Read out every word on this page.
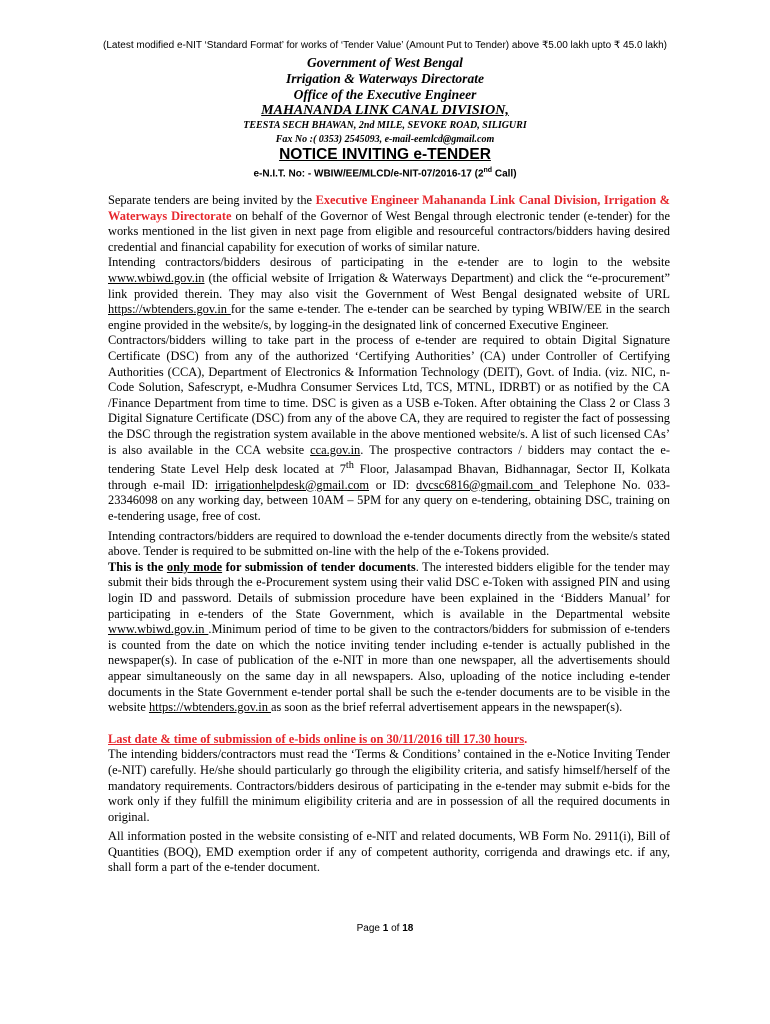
(Latest modified e-NIT ‘Standard Format’ for works of ‘Tender Value’ (Amount Put to Tender) above ₹5.00 lakh upto ₹ 45.0 lakh)
Government of West Bengal
Irrigation & Waterways Directorate
Office of the Executive Engineer
MAHANANDA LINK CANAL DIVISION,
TEESTA SECH BHAWAN, 2nd MILE, SEVOKE ROAD, SILIGURI
Fax No :( 0353) 2545093, e-mail-eemlcd@gmail.com
NOTICE INVITING e-TENDER
e-N.I.T. No: - WBIW/EE/MLCD/e-NIT-07/2016-17 (2nd Call)

Separate tenders are being invited by the Executive Engineer Mahananda Link Canal Division, Irrigation & Waterways Directorate on behalf of the Governor of West Bengal through electronic tender (e-tender) for the works mentioned in the list given in next page from eligible and resourceful contractors/bidders having desired credential and financial capability for execution of works of similar nature.

Intending contractors/bidders desirous of participating in the e-tender are to login to the website www.wbiwd.gov.in (the official website of Irrigation & Waterways Department) and click the “e-procurement” link provided therein. They may also visit the Government of West Bengal designated website of URL https://wbtenders.gov.in for the same e-tender. The e-tender can be searched by typing WBIW/EE in the search engine provided in the website/s, by logging-in the designated link of concerned Executive Engineer.

Contractors/bidders willing to take part in the process of e-tender are required to obtain Digital Signature Certificate (DSC) from any of the authorized ‘Certifying Authorities’ (CA) under Controller of Certifying Authorities (CCA), Department of Electronics & Information Technology (DEIT), Govt. of India. (viz. NIC, n-Code Solution, Safescrypt, e-Mudhra Consumer Services Ltd, TCS, MTNL, IDRBT) or as notified by the CA /Finance Department from time to time. DSC is given as a USB e-Token. After obtaining the Class 2 or Class 3 Digital Signature Certificate (DSC) from any of the above CA, they are required to register the fact of possessing the DSC through the registration system available in the above mentioned website/s. A list of such licensed CAs’ is also available in the CCA website cca.gov.in. The prospective contractors / bidders may contact the e-tendering State Level Help desk located at 7th Floor, Jalasampad Bhavan, Bidhannagar, Sector II, Kolkata through e-mail ID: irrigationhelpdesk@gmail.com or ID: dvcsc6816@gmail.com and Telephone No. 033-23346098 on any working day, between 10AM – 5PM for any query on e-tendering, obtaining DSC, training on e-tendering usage, free of cost.

Intending contractors/bidders are required to download the e-tender documents directly from the website/s stated above. Tender is required to be submitted on-line with the help of the e-Tokens provided.

This is the only mode for submission of tender documents. The interested bidders eligible for the tender may submit their bids through the e-Procurement system using their valid DSC e-Token with assigned PIN and using login ID and password. Details of submission procedure have been explained in the ‘Bidders Manual’ for participating in e-tenders of the State Government, which is available in the Departmental website www.wbiwd.gov.in .Minimum period of time to be given to the contractors/bidders for submission of e-tenders is counted from the date on which the notice inviting tender including e-tender is actually published in the newspaper(s). In case of publication of the e-NIT in more than one newspaper, all the advertisements should appear simultaneously on the same day in all newspapers. Also, uploading of the notice including e-tender documents in the State Government e-tender portal shall be such the e-tender documents are to be visible in the website https://wbtenders.gov.in as soon as the brief referral advertisement appears in the newspaper(s).

Last date & time of submission of e-bids online is on 30/11/2016 till 17.30 hours.

The intending bidders/contractors must read the ‘Terms & Conditions’ contained in the e-Notice Inviting Tender (e-NIT) carefully. He/she should particularly go through the eligibility criteria, and satisfy himself/herself of the mandatory requirements. Contractors/bidders desirous of participating in the e-tender may submit e-bids for the work only if they fulfill the minimum eligibility criteria and are in possession of all the required documents in original.

All information posted in the website consisting of e-NIT and related documents, WB Form No. 2911(i), Bill of Quantities (BOQ), EMD exemption order if any of competent authority, corrigenda and drawings etc. if any, shall form a part of the e-tender document.

Page 1 of 18
